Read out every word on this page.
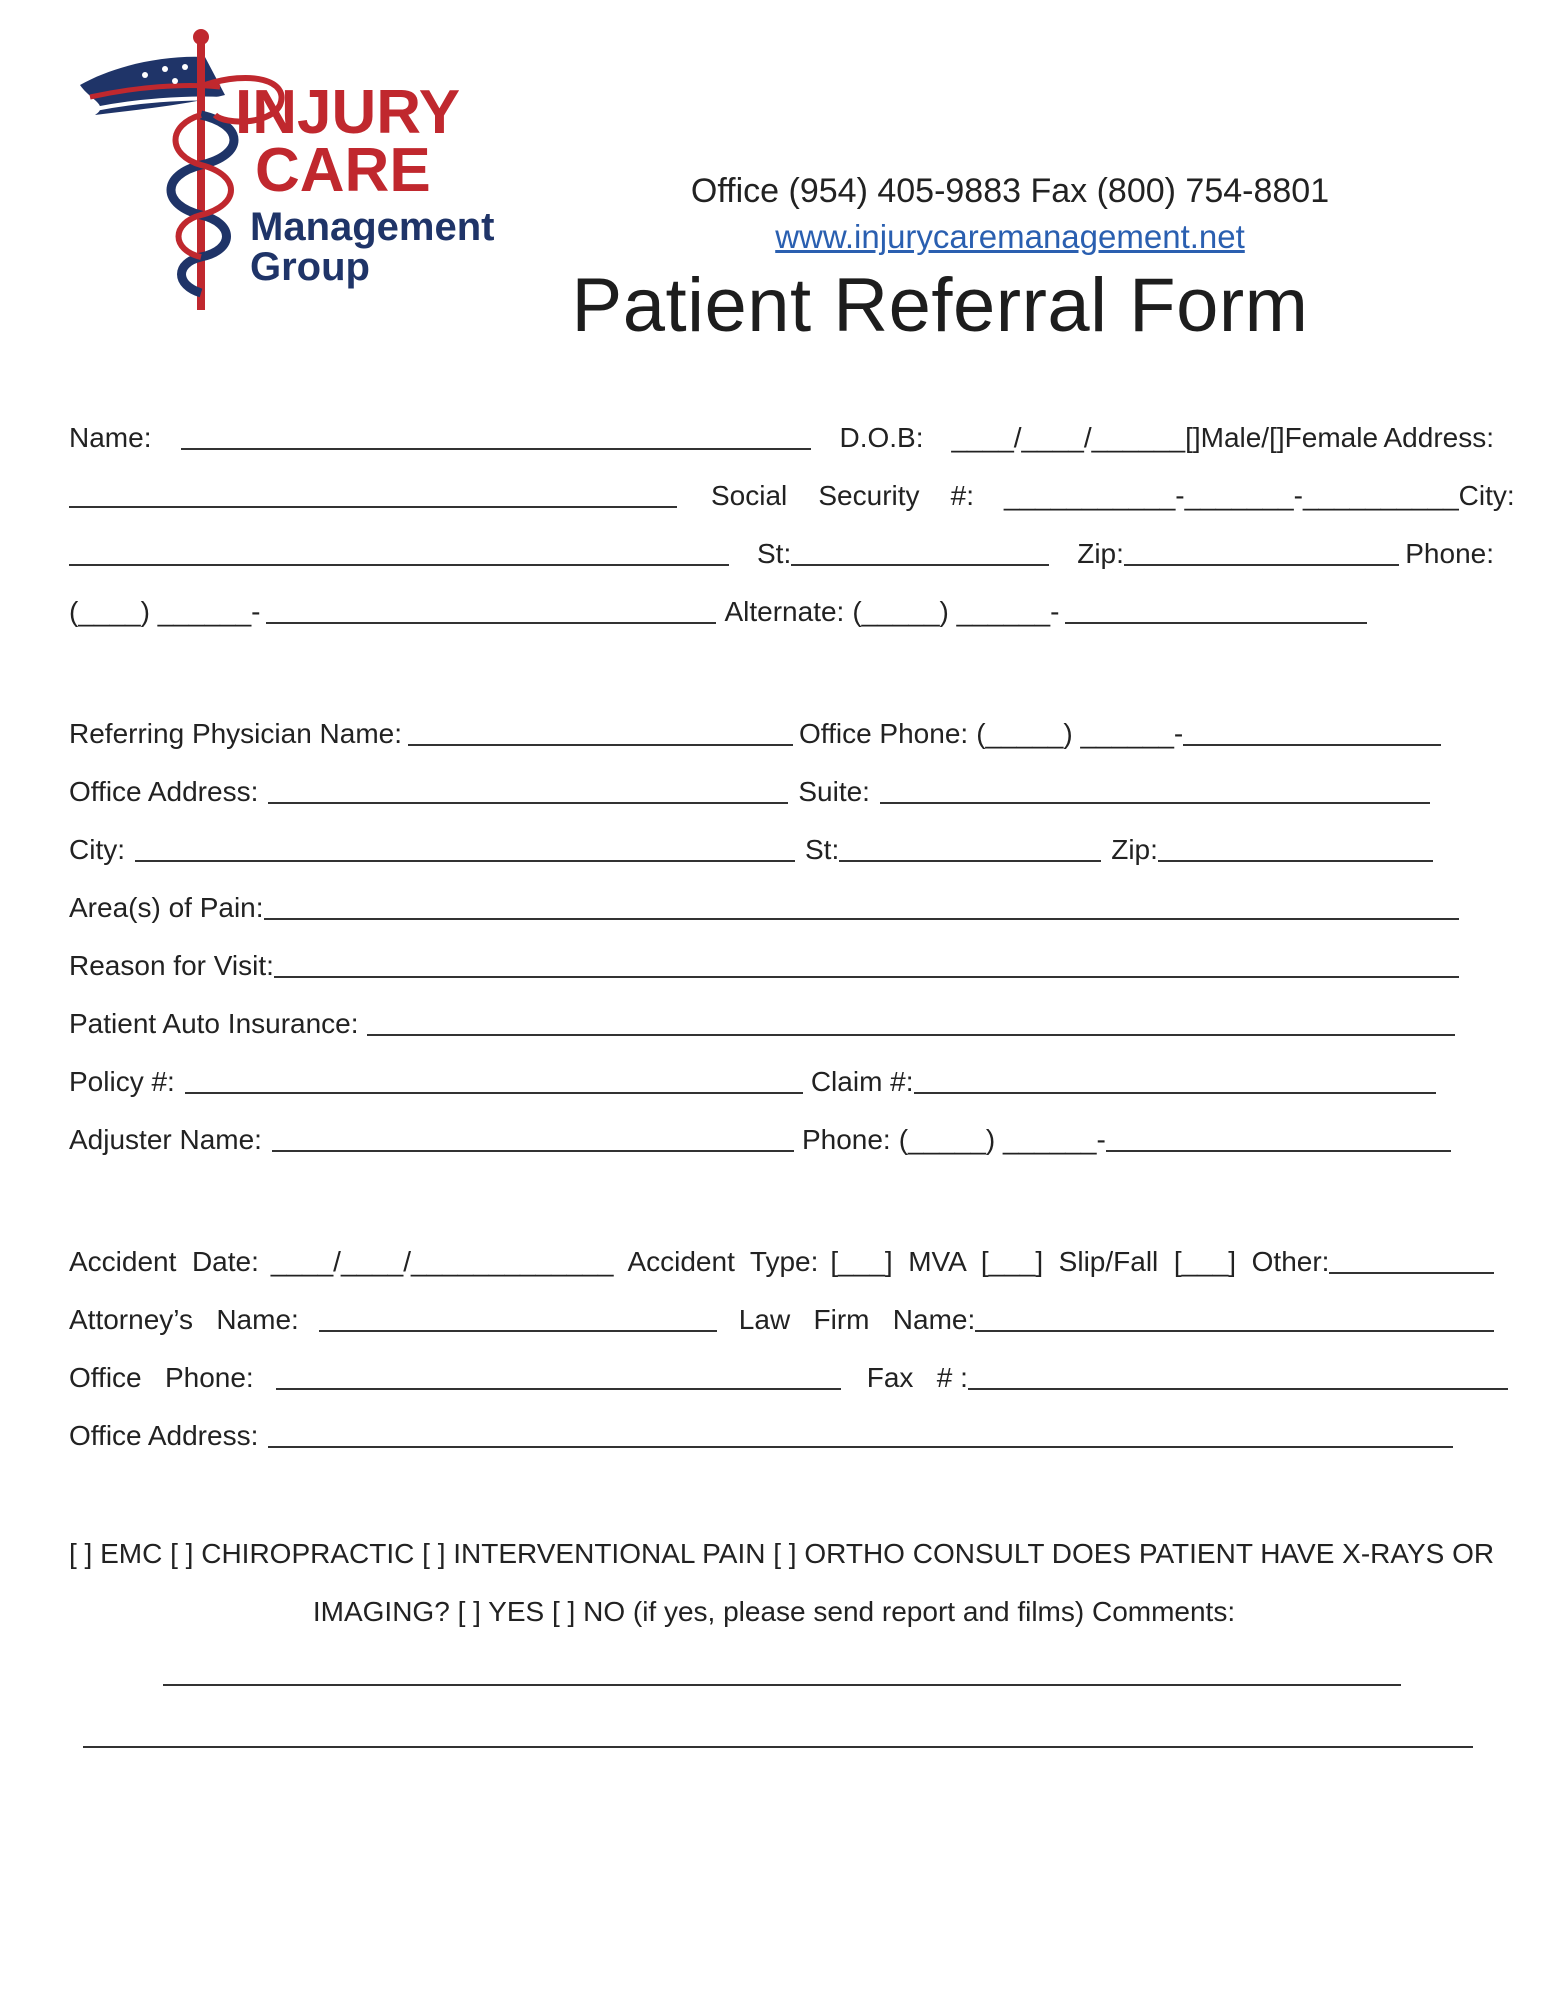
INJURY
CARE
Management
Group
Office (954) 405-9883 Fax (800) 754-8801
www.injurycaremanagement.net
Patient Referral Form
Name:	D.O.B: ____/____/______ []Male/[]Female Address:
Social    Security    #: ___________-_______-__________ City:
St:	Zip:	Phone:
(____) ______-	Alternate: (_____) ______-
Referring Physician Name:	Office Phone: (_____) ______-
Office Address:	Suite:
City:	St:	Zip:
Area(s) of Pain:
Reason for Visit:
Patient Auto Insurance:
Policy #:	Claim #:
Adjuster Name:	Phone: (_____) ______-
Accident  Date: ____/____/_____________ Accident  Type: [___]  MVA  [___]  Slip/Fall  [___]  Other:
Attorney’s   Name:	Law   Firm   Name:
Office   Phone:	Fax   # :
Office Address:
[ ] EMC [ ] CHIROPRACTIC [ ] INTERVENTIONAL PAIN [ ] ORTHO CONSULT DOES PATIENT HAVE X-RAYS OR
IMAGING? [ ] YES [ ] NO (if yes, please send report and films) Comments:
